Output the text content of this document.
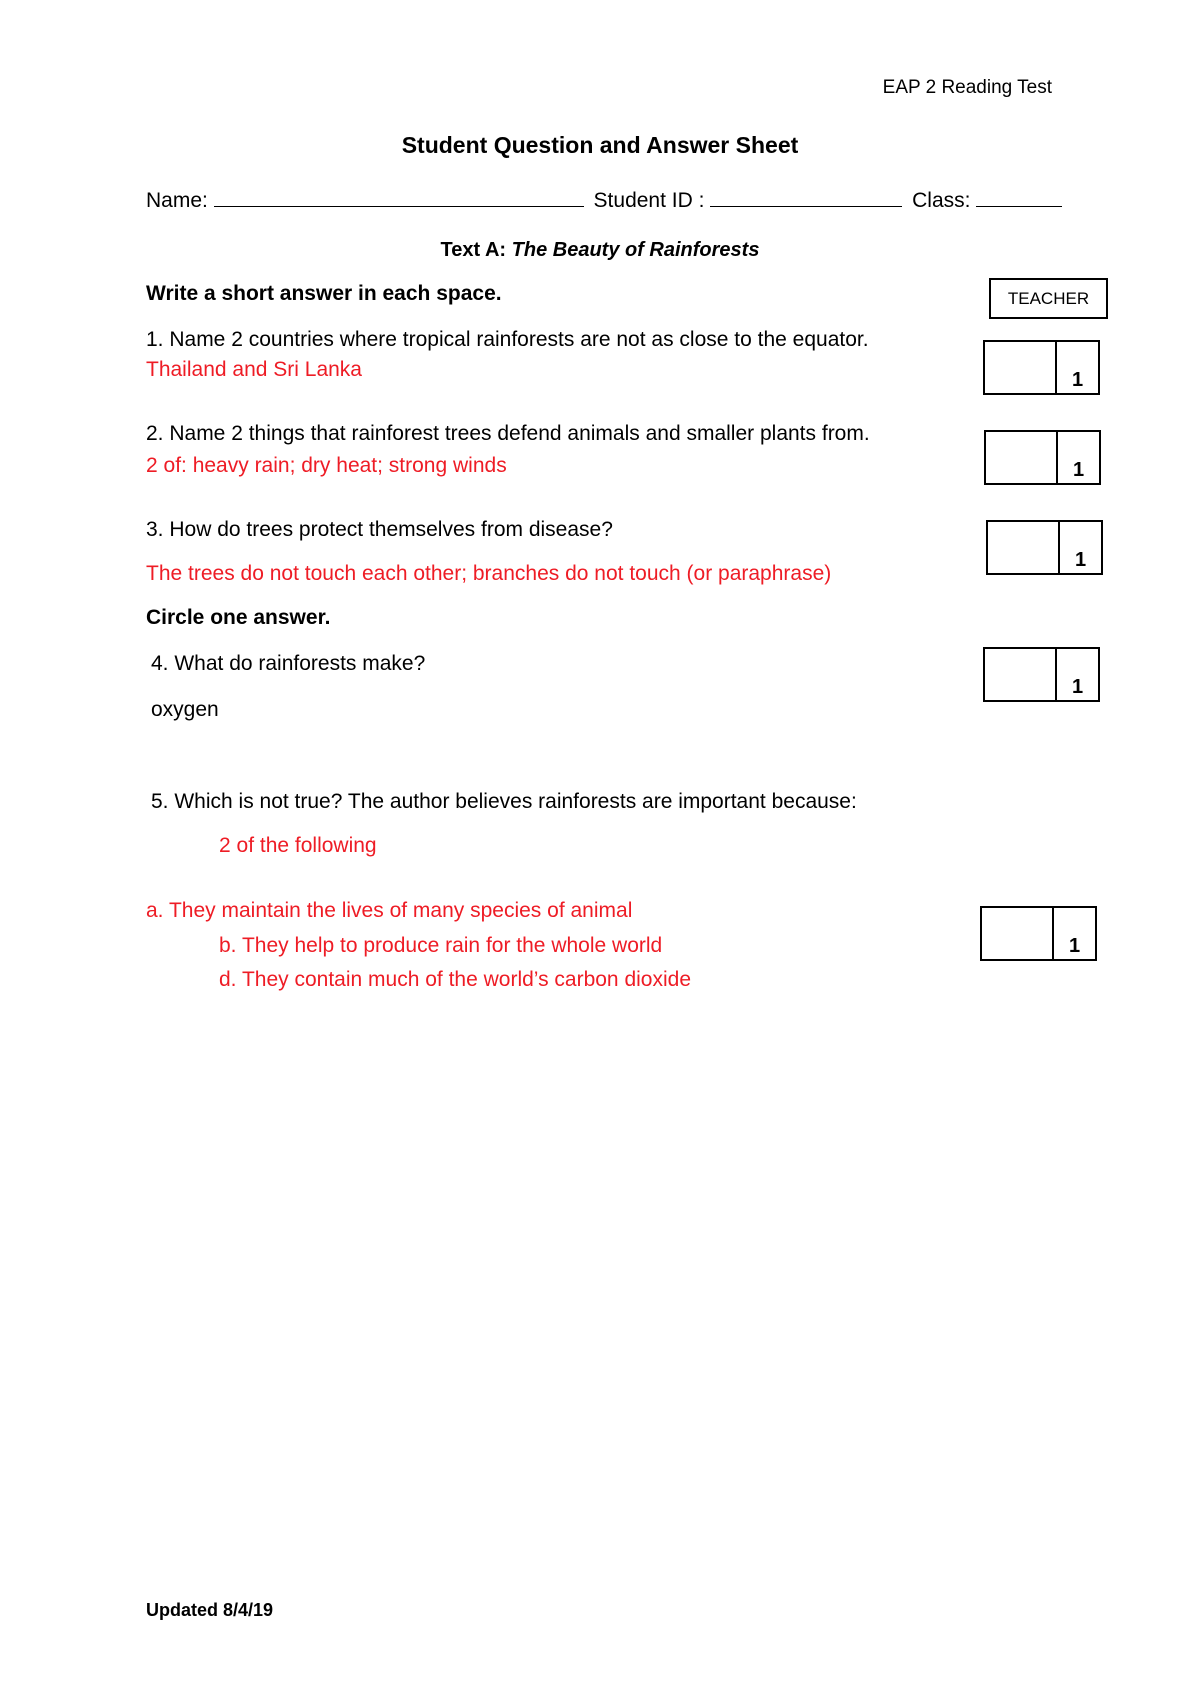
EAP 2 Reading Test
Student Question and Answer Sheet
Name:	Student ID :	Class:
Text A: The Beauty of Rainforests
Write a short answer in each space.	TEACHER
1. Name 2 countries where tropical rainforests are not as close to the equator.
Thailand and Sri Lanka	1
2. Name 2 things that rainforest trees defend animals and smaller plants from.
2 of: heavy rain; dry heat; strong winds	1
3. How do trees protect themselves from disease?
The trees do not touch each other; branches do not touch (or paraphrase)
1
Circle one answer.
4. What do rainforests make?
oxygen
1
5. Which is not true? The author believes rainforests are important because:
2 of the following
a. They maintain the lives of many species of animal
b. They help to produce rain for the whole world
d. They contain much of the world’s carbon dioxide
1
Updated 8/4/19
